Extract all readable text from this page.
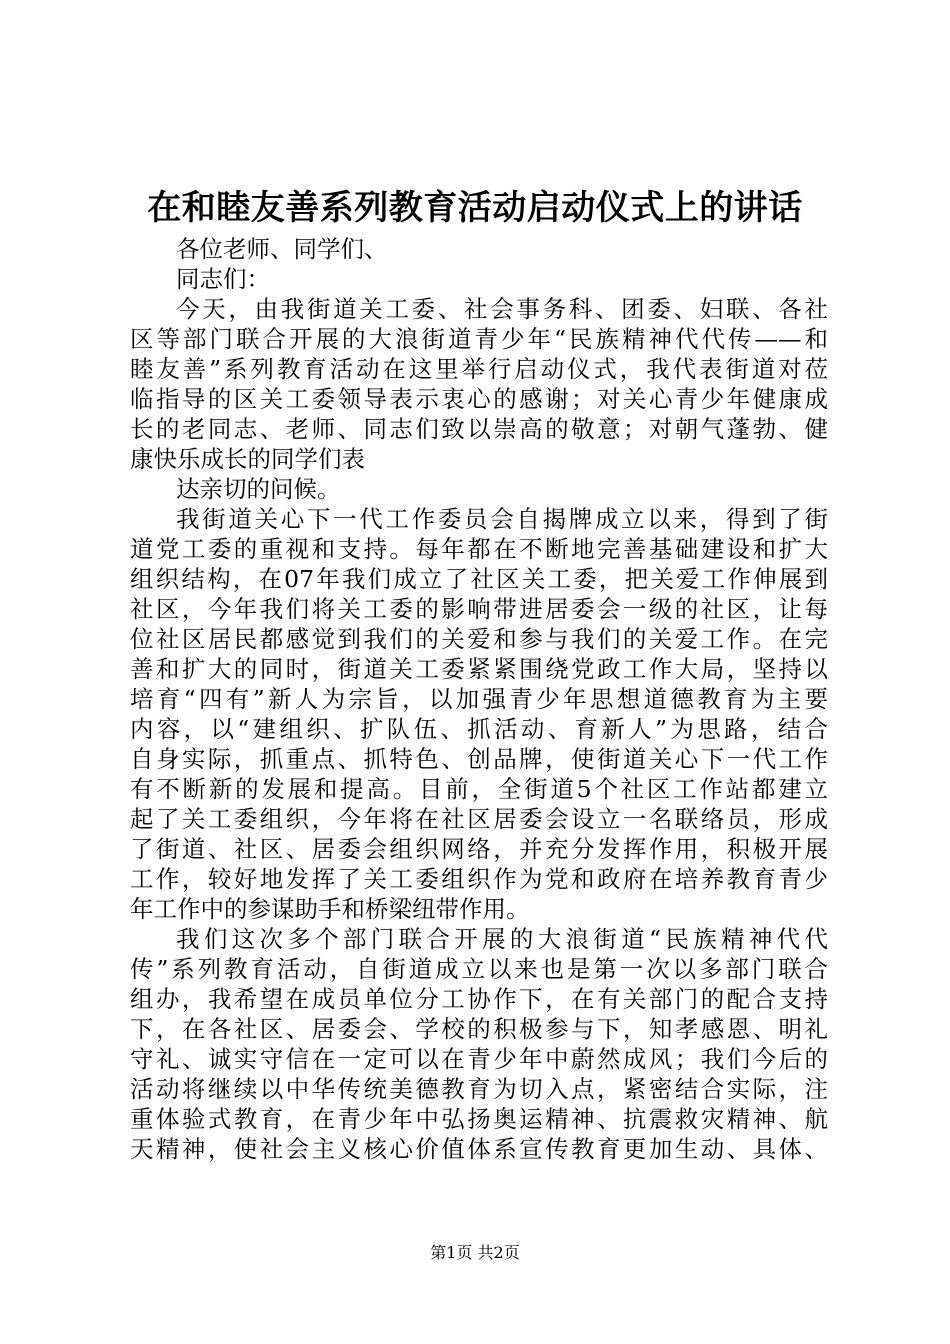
在和睦友善系列教育活动启动仪式上的讲话
各位老师、同学们、
同志们：
今天，由我街道关工委、社会事务科、团委、妇联、各社
区等部门联合开展的大浪街道青少年“民族精神代代传——和
睦友善”系列教育活动在这里举行启动仪式，我代表街道对莅
临指导的区关工委领导表示衷心的感谢；对关心青少年健康成
长的老同志、老师、同志们致以崇高的敬意；对朝气蓬勃、健
康快乐成长的同学们表
达亲切的问候。
我街道关心下一代工作委员会自揭牌成立以来，得到了街
道党工委的重视和支持。每年都在不断地完善基础建设和扩大
组织结构，在07年我们成立了社区关工委，把关爱工作伸展到
社区，今年我们将关工委的影响带进居委会一级的社区，让每
位社区居民都感觉到我们的关爱和参与我们的关爱工作。在完
善和扩大的同时，街道关工委紧紧围绕党政工作大局，坚持以
培育“四有”新人为宗旨，以加强青少年思想道德教育为主要
内容，以“建组织、扩队伍、抓活动、育新人”为思路，结合
自身实际，抓重点、抓特色、创品牌，使街道关心下一代工作
有不断新的发展和提高。目前，全街道5个社区工作站都建立
起了关工委组织，今年将在社区居委会设立一名联络员，形成
了街道、社区、居委会组织网络，并充分发挥作用，积极开展
工作，较好地发挥了关工委组织作为党和政府在培养教育青少
年工作中的参谋助手和桥梁纽带作用。
我们这次多个部门联合开展的大浪街道“民族精神代代
传”系列教育活动，自街道成立以来也是第一次以多部门联合
组办，我希望在成员单位分工协作下，在有关部门的配合支持
下，在各社区、居委会、学校的积极参与下，知孝感恩、明礼
守礼、诚实守信在一定可以在青少年中蔚然成风；我们今后的
活动将继续以中华传统美德教育为切入点，紧密结合实际，注
重体验式教育，在青少年中弘扬奥运精神、抗震救灾精神、航
天精神，使社会主义核心价值体系宣传教育更加生动、具体、
第1页 共2页
